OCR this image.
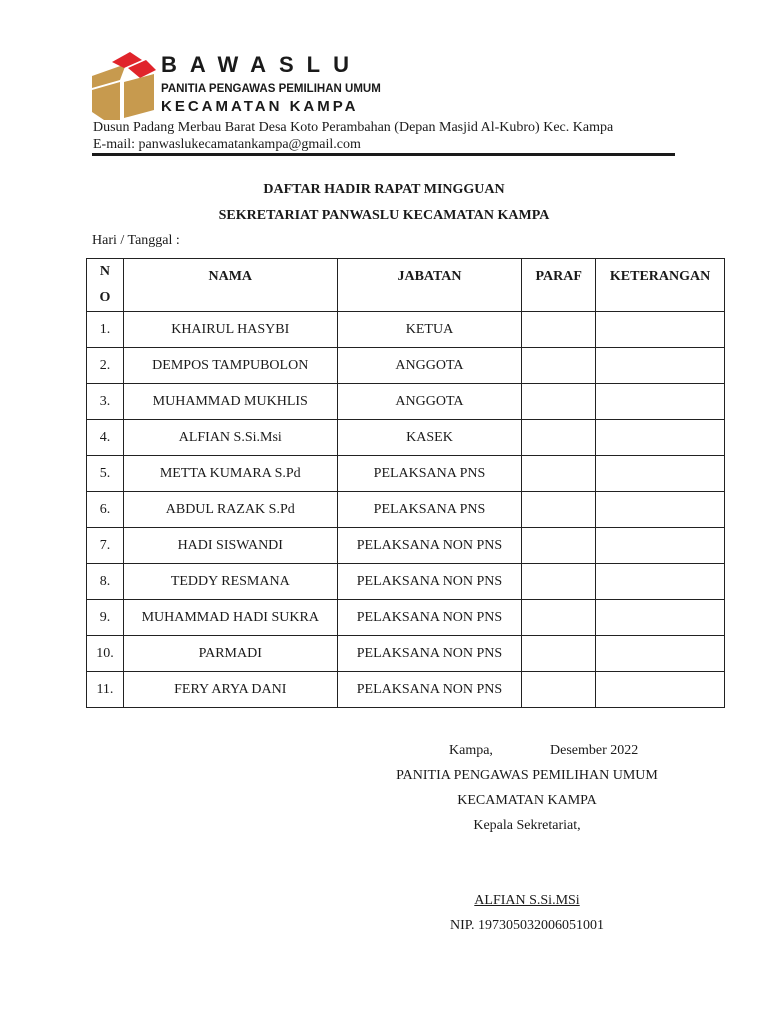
BAWASLU
PANITIA PENGAWAS PEMILIHAN UMUM
KECAMATAN KAMPA
Dusun Padang Merbau Barat Desa Koto Perambahan (Depan Masjid Al-Kubro) Kec. Kampa
E-mail: panwaslukecamatankampa@gmail.com
DAFTAR HADIR RAPAT MINGGUAN
SEKRETARIAT PANWASLU KECAMATAN KAMPA
Hari / Tanggal :
N
O	NAMA	JABATAN	PARAF	KETERANGAN
1.	KHAIRUL HASYBI	KETUA		
2.	DEMPOS TAMPUBOLON	ANGGOTA		
3.	MUHAMMAD MUKHLIS	ANGGOTA		
4.	ALFIAN S.Si.Msi	KASEK		
5.	METTA KUMARA S.Pd	PELAKSANA PNS		
6.	ABDUL RAZAK S.Pd	PELAKSANA PNS		
7.	HADI SISWANDI	PELAKSANA NON PNS		
8.	TEDDY RESMANA	PELAKSANA NON PNS		
9.	MUHAMMAD HADI SUKRA	PELAKSANA NON PNS		
10.	PARMADI	PELAKSANA NON PNS		
11.	FERY ARYA DANI	PELAKSANA NON PNS		
Kampa,	Desember 2022
PANITIA PENGAWAS PEMILIHAN UMUM
KECAMATAN KAMPA
Kepala Sekretariat,
ALFIAN S.Si.MSi
NIP. 197305032006051001
